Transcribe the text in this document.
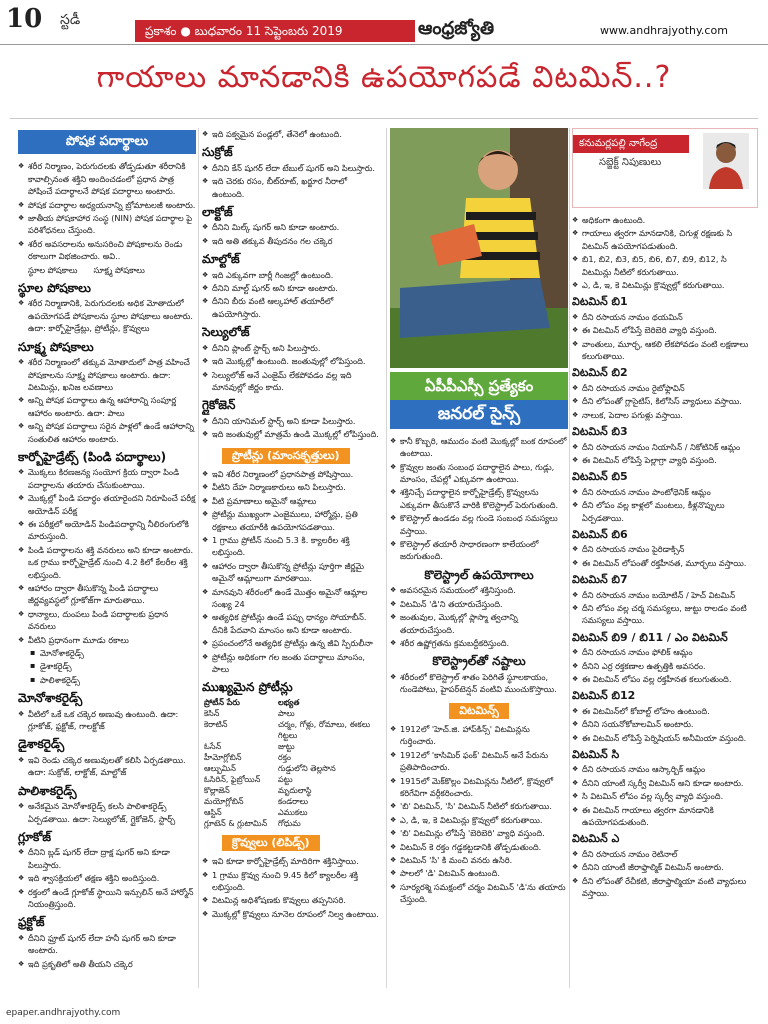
10 స్టడీ
ప్రకాశం ● బుధవారం 11 సెప్టెంబరు 2019	ఆంధ్రజ్యోతి	www.andhrajyothy.com
గాయాలు మానడానికి ఉపయోగపడే విటమిన్..?
పోషక పదార్థాలు
❖ శరీర నిర్మాణం, పెరుగుదలకు తోడ్పడుతూ శరీరానికి కావాల్సినంత శక్తిని అందించడంలో ప్రధాన పాత్ర పోషించే పదార్థాలనే పోషక పదార్థాలు అంటారు.
❖ పోషక పదార్థాల అధ్యయనాన్ని బ్రోమాటలజీ అంటారు.
❖ జాతీయ పోషకాహార సంస్థ (NIN) పోషక పదార్థాల పై పరిశోధనలు చేస్తుంది.
❖ శరీర అవసరాలను అనుసరించి పోషకాలను రెండు రకాలుగా విభజించారు. అవి..
స్థూల పోషకాలు సూక్ష్మ పోషకాలు
స్థూల పోషకాలు
❖ శరీర నిర్మాణానికి, పెరుగుదలకు అధిక మోతాదులో ఉపయోగపడే పోషకాలను స్థూల పోషకాలు అంటారు. ఉదా: కార్బోహైడ్రేట్లు, ప్రోటీన్లు, క్రొవ్వులు
సూక్ష్మ పోషకాలు
❖ శరీర నిర్మాణంలో తక్కువ మోతాదులో పాత్ర వహించే పోషకాలను సూక్ష్మ పోషకాలు అంటారు. ఉదా: విటమిన్లు, ఖనిజ లవణాలు
❖ అన్ని పోషక పదార్థాలు ఉన్న ఆహారాన్ని సంపూర్ణ ఆహారం అంటారు. ఉదా: పాలు
❖ అన్ని పోషక పదార్థాలు సరైన పాళ్లలో ఉండే ఆహారాన్ని సంతులిత ఆహారం అంటారు.
కార్బోహైడ్రేట్స్ (పిండి పదార్థాలు)
❖ మొక్కలు కిరణజన్య సంయోగ క్రియ ద్వారా పిండి పదార్థాలను తయారు చేసుకుంటాయి.
❖ మొక్కల్లో పిండి పదార్థం తయారైందని నిరూపించే పరీక్ష అయోడిన్ పరీక్ష
❖ ఈ పరీక్షలో అయోడిన్ పిండిపదార్థాన్ని నీలిరంగులోకి మారుస్తుంది.
❖ పిండి పదార్థాలను శక్తి వనరులు అని కూడా అంటారు. ఒక గ్రాము కార్బోహైడ్రేట్ నుంచి 4.2 కిలో కేలరీల శక్తి లభిస్తుంది.
❖ ఆహారం ద్వారా తీసుకొన్న పిండి పదార్థాలు జీర్ణవ్యవస్థలో గ్లూకోజ్‌గా మారుతాయి.
❖ ధాన్యాలు, దుంపలు పిండి పదార్థాలకు ప్రధాన వనరులు
❖ వీటిని ప్రధానంగా మూడు రకాలు
▪ మోనోశాకరైడ్స్
▪ డైశాకరైడ్స్
▪ పాలిశాకరైడ్స్
మోనోశాకరైడ్స్
❖ వీటిలో ఒకే ఒక చక్కెర అణువు ఉంటుంది. ఉదా: గ్లూకోజ్, ఫ్రక్టోజ్, గాలక్టోజ్
డైశాకరైడ్స్
❖ ఇవి రెండు చక్కెర అణువులతో కలిసి ఏర్పడతాయి. ఉదా: సుక్రోజ్, లాక్టోజ్, మాల్టోజ్
పాలిశాకరైడ్స్
❖ అనేకమైన మోనోశాకరైడ్స్ కలసి పాలిశాకరైడ్స్ ఏర్పడతాయి. ఉదా: సెల్యులోజ్, గ్లైకోజెన్, స్టార్చ్
గ్లూకోజ్
❖ దీనిని బ్లడ్ షుగర్ లేదా ద్రాక్ష షుగర్ అని కూడా పిలుస్తారు.
❖ ఇది శ్వాసక్రియలో తక్షణ శక్తిని అందిస్తుంది.
❖ రక్తంలో ఉండే గ్లూకోజ్ స్థాయిని ఇన్సులిన్ అనే హార్మోన్ నియంత్రిస్తుంది.
ఫ్రక్టోజ్
❖ దీనిని ఫ్రూట్ షుగర్ లేదా హనీ షుగర్ అని కూడా అంటారు.
❖ ఇది ప్రకృతిలో అతి తీయని చక్కెర
❖ ఇది పక్వమైన పండ్లలో, తేనెలో ఉంటుంది.
సుక్రోజ్
❖ దీనిని కేన్ షుగర్ లేదా టేబుల్ షుగర్ అని పిలుస్తారు.
❖ ఇది చెరకు రసం, బీట్‌రూట్, ఖర్జూర నీరాలో ఉంటుంది.
లాక్టోజ్
❖ దీనిని మిల్క్ షుగర్ అని కూడా అంటారు.
❖ ఇది అతి తక్కువ తీపుదనం గల చక్కెర
మాల్టోజ్
❖ ఇది ఎక్కువగా బార్లీ గింజల్లో ఉంటుంది.
❖ దీనిని మాల్ట్ షుగర్ అని కూడా అంటారు.
❖ దీనిని బీరు వంటి ఆల్కహాల్ తయారీలో ఉపయోగిస్తారు.
సెల్యులోజ్
❖ దీనిని ప్లాంట్ స్టార్చ్ అని పిలుస్తారు.
❖ ఇది మొక్కల్లో ఉంటుంది. జంతువుల్లో లోపిస్తుంది.
❖ సెల్యులోజ్ అనే ఎంజైమ్ లేకపోవడం వల్ల ఇది మానవుల్లో జీర్ణం కాదు.
గ్లైకోజెన్
❖ దీనిని యానిమల్ స్టార్చ్ అని కూడా పిలుస్తారు.
❖ ఇది జంతువుల్లో మాత్రమే ఉండి మొక్కల్లో లోపిస్తుంది.
ప్రొటీన్లు (మాంసకృత్తులు)
❖ ఇవి శరీర నిర్మాణంలో ప్రధానపాత్ర పోషిస్తాయి.
❖ వీటిని దేహ నిర్మాణకారులు అని పిలుస్తారు.
❖ వీటి ప్రమాణాలు అమైనో ఆమ్లాలు
❖ ప్రోటీన్లు ముఖ్యంగా ఎంజైములు, హార్మోన్లు, ప్రతి రక్షకాలు తయారీకి ఉపయోగపడతాయి.
❖ 1 గ్రాము ప్రోటీన్ నుంచి 5.3 కి. క్యాలరీల శక్తి లభిస్తుంది.
❖ ఆహారం ద్వారా తీసుకొన్న ప్రోటీన్లు పూర్తిగా జీర్ణమై అమైనో ఆమ్లాలుగా మారతాయి.
❖ మానవుని శరీరంలో ఉండే మొత్తం అమైనో ఆమ్లాల సంఖ్య 24
❖ అత్యధిక ప్రోటీన్లు ఉండే పప్పు ధాన్యం సోయాబీన్. దీనికి పేదవాని మాంసం అని కూడా అంటారు.
❖ ప్రపంచంలోనే అత్యధిక ప్రోటీన్లు ఉన్న జీవి స్పిరులీనా
❖ ప్రోటీన్లు అధికంగా గల జంతు పదార్థాలు మాంసం, పాలు
ముఖ్యమైన ప్రోటీన్లు
ప్రోటీన్ పేరు	లభ్యత
కెసిన్	పాలు
కెరాటిన్	చర్మం, గోళ్లు, రోమాలు, ఈకలు
	గిట్టలు
ఓసేన్	జుట్టు
హీమోగ్లోబిన్	రక్తం
ఆల్బుమిన్	గుడ్డులోని తెల్లసొన
ఓసిరిన్, ఫైబ్రోయిన్	పట్టు
కొల్లాజెన్	మృదులాస్థి
మయోగ్లోబిన్	కండరాలు
ఆస్టిన్	ఎముకలు
గ్లూటెన్ & గ్లుటామిన్	గోధుమ
క్రొవ్వులు (లిపిడ్స్)
❖ ఇవి కూడా కార్బోహైడ్రేట్స్ మాదిరిగా శక్తినిస్తాయి.
❖ 1 గ్రాము క్రొవ్వు నుంచి 9.45 కిలో క్యాలరీల శక్తి లభిస్తుంది.
❖ విటమిన్ల అధిశోషణకు కొవ్వులు తప్పనిసరి.
❖ మొక్కల్లో క్రొవ్వులు నూనెల రూపంలో నిల్వ ఉంటాయి.
ఏపీపీఎస్సీ ప్రత్యేకం
జనరల్ సైన్స్
❖ కానీ కొబ్బరి, ఆముదం వంటి మొక్కల్లో బంక రూపంలో ఉంటాయి.
❖ క్రొవ్వుల జంతు సంబంధ పదార్థాలైన పాలు, గుడ్లు, మాంసం, చేపల్లో ఎక్కువగా ఉంటాయి.
❖ శక్తినిచ్చే పదార్థాలైన కార్బోహైడ్రేట్స్ క్రొవ్వులను ఎక్కువగా తీసుకొనే వారికి కొలెస్ట్రాల్ పెరుగుతుంది.
❖ కొలెస్ట్రాల్ ఉండడం వల్ల గుండె సంబంధ సమస్యలు వస్తాయి.
❖ కొలెస్ట్రాల్ తయారీ సాధారణంగా కాలేయంలో జరుగుతుంది.
కొలెస్ట్రాల్ ఉపయోగాలు
❖ అవసరమైన సమయంలో శక్తినిస్తుంది.
❖ విటమిన్ 'డి'ని తయారుచేస్తుంది.
❖ జంతువుల, మొక్కల్లో ప్లాస్మా త్వచాన్ని తయారుచేస్తుంది.
❖ శరీర ఉష్ణోగ్రతను క్రమబద్దీకరిస్తుంది.
కొలెస్ట్రాల్‌తో నష్టాలు
❖ శరీరంలో కొలెస్ట్రాల్ శాతం పెరిగితే స్థూలకాయం, గుండెపోటు, హైపర్‌టెన్షన్ వంటివి ముంచుకొస్తాయి.
విటమిన్స్
❖ 1912లో 'హెచ్.జి. హాప్‌కిన్స్' విటమిన్లను గుర్తించారు.
❖ 1912లో 'కాసిమిర్ ఫంక్' విటమిన్ అనే పేరును ప్రతిపాదించారు.
❖ 1915లో మెక్‌కొల్లం విటమిన్లను నీటిలో, క్రొవ్వులో కరిగేవిగా వర్గీకరించారు.
❖ 'బి' విటమిన్, 'సి' విటమిన్ నీటిలో కరుగుతాయి.
❖ ఎ, డి, ఇ, కె విటమిన్లు క్రొవ్వులో కరుగుతాయి.
❖ 'బి' విటమిన్లు లోపిస్తే 'బెరిబెరి' వ్యాధి వస్తుంది.
❖ విటమిన్ కె రక్తం గడ్డకట్టడానికి తోడ్పడుతుంది.
❖ విటమిన్ 'సి' కి మంచి వనరు ఉసిరి.
❖ పాలలో 'డి' విటమిన్ ఉంటుంది.
❖ సూర్యరశ్మి సమక్షంలో చర్మం విటమిన్ 'డి'ను తయారు చేస్తుంది.
కనుమర్లపల్లి నాగేంద్ర
సబ్జెక్ట్ నిపుణులు
❖ అధికంగా ఉంటుంది.
❖ గాయాలు త్వరగా మానడానికి, చిగుళ్ల రక్షణకు సి విటమిన్ ఉపయోగపడుతుంది.
❖ బి1, బి2, బి3, బి5, బి6, బి7, బి9, బి12, సి విటమిన్లు నీటిలో కరుగుతాయి.
❖ ఎ, డి, ఇ, కె విటమిన్లు క్రొవ్వుల్లో కరుగుతాయి.
విటమిన్ బి1
❖ దీని రసాయన నామం థయమిన్
❖ ఈ విటమిన్ లోపిస్తే బెరిబెరి వ్యాధి వస్తుంది.
❖ వాంతులు, మూర్ఛ, ఆకలి లేకపోవడం వంటి లక్షణాలు కలుగుతాయి.
విటమిన్ బి2
❖ దీని రసాయన నామం రైబోఫ్లావిన్
❖ దీని లోపంతో గ్లాసైటిస్, కిలోసిస్ వ్యాధులు వస్తాయి.
❖ నాలుక, పెదాల పగుళ్లు వస్తాయి.
విటమిన్ బి3
❖ దీని రసాయన నామం నియాసిన్ / నికోటినిక్ ఆమ్లం
❖ ఈ విటమిన్ లోపిస్తే పెల్లాగ్రా వ్యాధి వస్తుంది.
విటమిన్ బి5
❖ దీని రసాయన నామం పాంటోథెనిక్ ఆమ్లం
❖ దీని లోపం వల్ల కాళ్లలో మంటలు, కీళ్లనొప్పులు ఏర్పడతాయి.
విటమిన్ బి6
❖ దీని రసాయన నామం పైరిడాక్సిన్
❖ ఈ విటమిన్ లోపంతో రక్తహీనత, మూర్ఛలు వస్తాయి.
విటమిన్ బి7
❖ దీని రసాయన నామం బయోటిన్ / హెచ్ విటమిన్
❖ దీని లోపం వల్ల చర్మ సమస్యలు, జుట్టు రాలడం వంటి సమస్యలు వస్తాయి.
విటమిన్ బి9 / బి11 / ఎం విటమిన్
❖ దీని రసాయన నామం ఫోలిక్ ఆమ్లం
❖ దీనిని ఎర్ర రక్తకణాల ఉత్పత్తికి అవసరం.
❖ ఈ విటమిన్ లోపం వల్ల రక్తహీనత కలుగుతుంది.
విటమిన్ బి12
❖ ఈ విటమిన్‌లో కోబాల్ట్ లోహం ఉంటుంది.
❖ దీనిని సయనోకోబాలమిన్ అంటారు.
❖ ఈ విటమిన్ లోపిస్తే పెర్నిషియస్ అనీమియా వస్తుంది.
విటమిన్ సి
❖ దీని రసాయన నామం ఆస్కార్బిక్ ఆమ్లం
❖ దీనిని యాంటీ స్కర్వీ విటమిన్ అని కూడా అంటారు.
❖ సి విటమిన్ లోపం వల్ల స్కర్వీ వ్యాధి వస్తుంది.
❖ ఈ విటమిన్ గాయాలు త్వరగా మానడానికి ఉపయోగపడుతుంది.
విటమిన్ ఎ
❖ దీని రసాయన నామం రెటినాల్
❖ దీనిని యాంటీ జీరాఫ్తాల్మిక్ విటమిన్ అంటారు.
❖ దీని లోపంతో రేచీకటి, జీరాఫ్తాల్మియా వంటి వ్యాధులు వస్తాయి.
epaper.andhrajyothy.com
